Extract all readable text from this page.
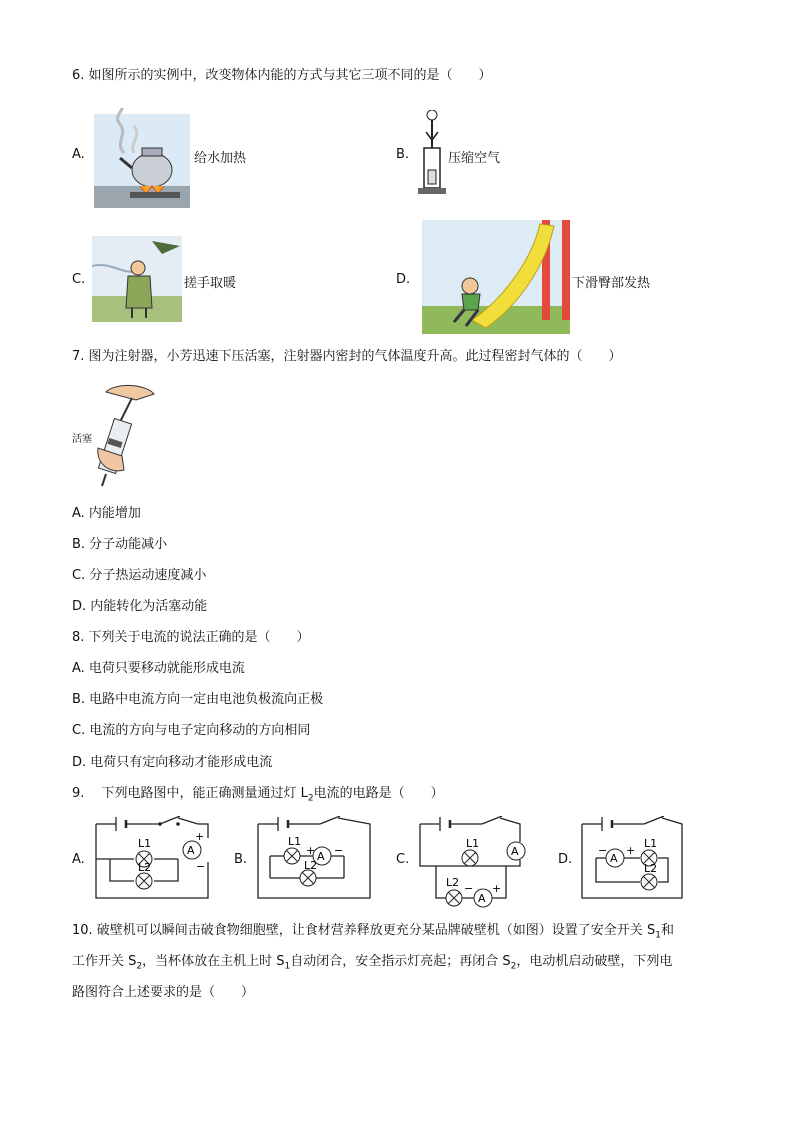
6. 如图所示的实例中，改变物体内能的方式与其它三项不同的是（　　）
A.	给水加热	B.	压缩空气
C.	搓手取暖	D.	下滑臀部发热
7. 图为注射器，小芳迅速下压活塞，注射器内密封的气体温度升高。此过程密封气体的（　　）
活塞
A. 内能增加
B. 分子动能减小
C. 分子热运动速度减小
D. 内能转化为活塞动能
8. 下列关于电流的说法正确的是（　　）
A. 电荷只要移动就能形成电流
B. 电路中电流方向一定由电池负极流向正极
C. 电流的方向与电子定向移动的方向相同
D. 电荷只有定向移动才能形成电流
9.　 下列电路图中，能正确测量通过灯 $L_2$电流的电路是（　　）
A.	B.	C.	D.
L1
L2
A
+
−
L1
A
+ −
L2
L1
A
L2
A
− +
A
− +
L1
L2
10. 破壁机可以瞬间击破食物细胞壁，让食材营养释放更充分某品牌破壁机（如图）设置了安全开关 $S_1$和
工作开关 $S_2$，当杯体放在主机上时 $S_1$自动闭合，安全指示灯亮起；再闭合 $S_2$，电动机启动破壁，下列电
路图符合上述要求的是（　　）
